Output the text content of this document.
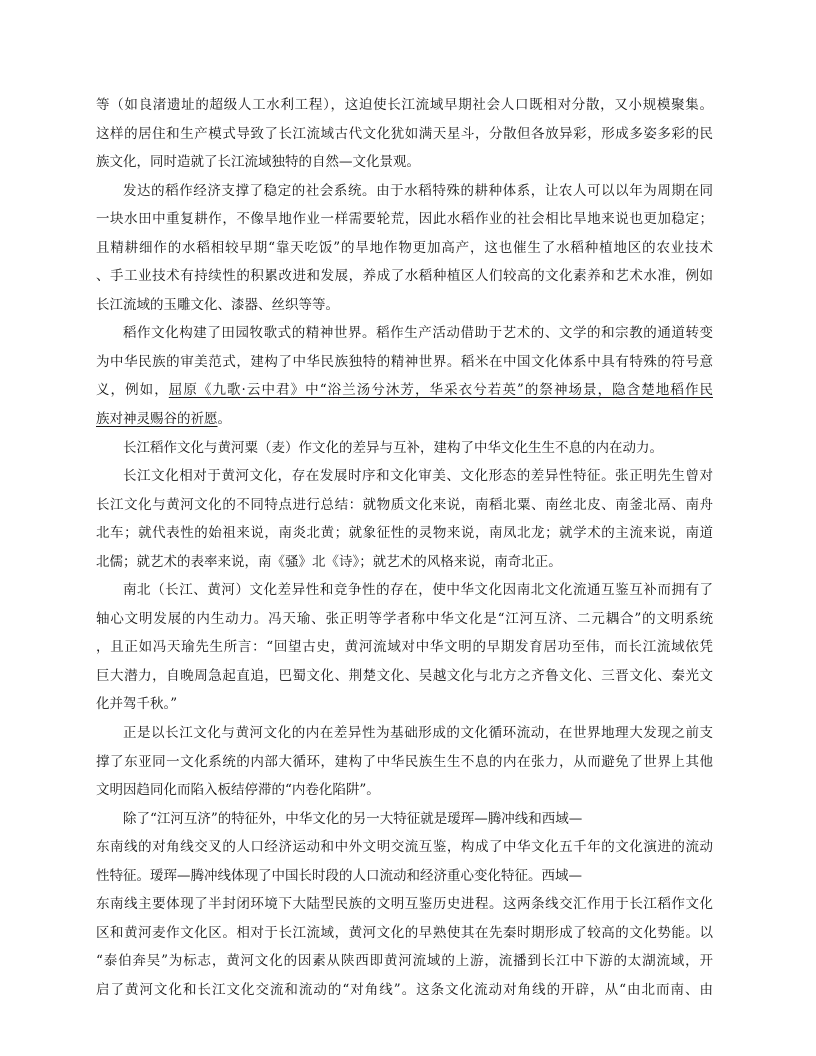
等（如良渚遗址的超级人工水利工程），这迫使长江流域早期社会人口既相对分散，又小规模聚集。
这样的居住和生产模式导致了长江流域古代文化犹如满天星斗，分散但各放异彩，形成多姿多彩的民
族文化，同时造就了长江流域独特的自然—文化景观。
发达的稻作经济支撑了稳定的社会系统。由于水稻特殊的耕种体系，让农人可以以年为周期在同
一块水田中重复耕作，不像旱地作业一样需要轮荒，因此水稻作业的社会相比旱地来说也更加稳定；
且精耕细作的水稻相较早期“靠天吃饭”的旱地作物更加高产，这也催生了水稻种植地区的农业技术
、手工业技术有持续性的积累改进和发展，养成了水稻种植区人们较高的文化素养和艺术水准，例如
长江流域的玉雕文化、漆器、丝织等等。
稻作文化构建了田园牧歌式的精神世界。稻作生产活动借助于艺术的、文学的和宗教的通道转变
为中华民族的审美范式，建构了中华民族独特的精神世界。稻米在中国文化体系中具有特殊的符号意
义，例如，屈原《九歌·云中君》中“浴兰汤兮沐芳，华采衣兮若英”的祭神场景，隐含楚地稻作民
族对神灵赐谷的祈愿。
长江稻作文化与黄河粟（麦）作文化的差异与互补，建构了中华文化生生不息的内在动力。
长江文化相对于黄河文化，存在发展时序和文化审美、文化形态的差异性特征。张正明先生曾对
长江文化与黄河文化的不同特点进行总结：就物质文化来说，南稻北粟、南丝北皮、南釜北鬲、南舟
北车；就代表性的始祖来说，南炎北黄；就象征性的灵物来说，南凤北龙；就学术的主流来说，南道
北儒；就艺术的表率来说，南《骚》北《诗》；就艺术的风格来说，南奇北正。
南北（长江、黄河）文化差异性和竞争性的存在，使中华文化因南北文化流通互鉴互补而拥有了
轴心文明发展的内生动力。冯天瑜、张正明等学者称中华文化是“江河互济、二元耦合”的文明系统
，且正如冯天瑜先生所言：“回望古史，黄河流域对中华文明的早期发育居功至伟，而长江流域依凭
巨大潜力，自晚周急起直追，巴蜀文化、荆楚文化、吴越文化与北方之齐鲁文化、三晋文化、秦光文
化并驾千秋。”
正是以长江文化与黄河文化的内在差异性为基础形成的文化循环流动，在世界地理大发现之前支
撑了东亚同一文化系统的内部大循环，建构了中华民族生生不息的内在张力，从而避免了世界上其他
文明因趋同化而陷入板结停滞的“内卷化陷阱”。
除了“江河互济”的特征外，中华文化的另一大特征就是瑷珲—腾冲线和西域—
东南线的对角线交叉的人口经济运动和中外文明交流互鉴，构成了中华文化五千年的文化演进的流动
性特征。瑷珲—腾冲线体现了中国长时段的人口流动和经济重心变化特征。西域—
东南线主要体现了半封闭环境下大陆型民族的文明互鉴历史进程。这两条线交汇作用于长江稻作文化
区和黄河麦作文化区。相对于长江流域，黄河文化的早熟使其在先秦时期形成了较高的文化势能。以
“泰伯奔吴”为标志，黄河文化的因素从陕西即黄河流域的上游，流播到长江中下游的太湖流域，开
启了黄河文化和长江文化交流和流动的“对角线”。这条文化流动对角线的开辟，从“由北而南、由
